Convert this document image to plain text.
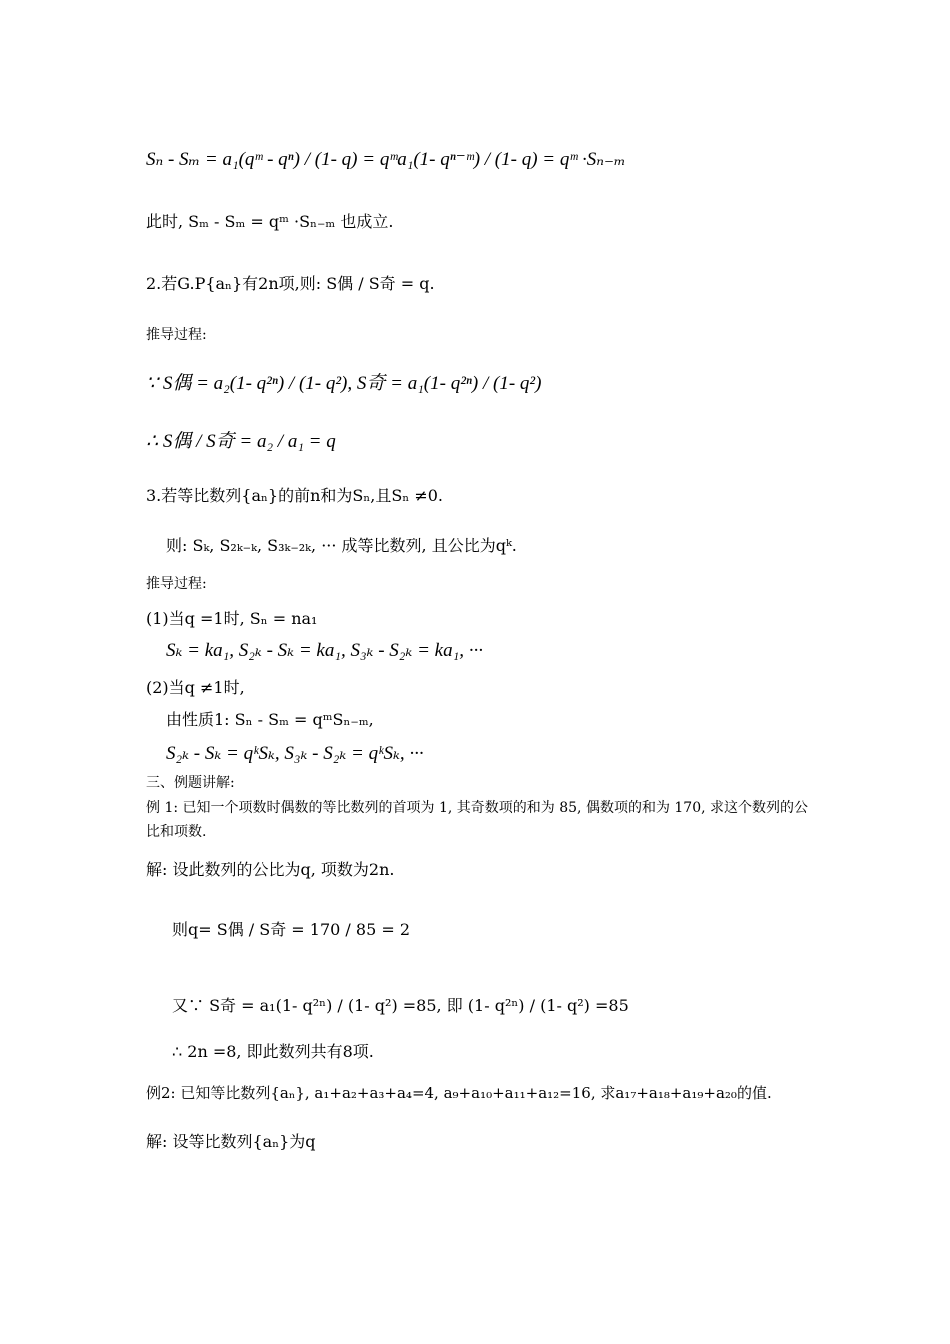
Sₙ - Sₘ = a₁(qᵐ - qⁿ) / (1- q) = qᵐa₁(1- qⁿ⁻ᵐ) / (1- q) = qᵐ ·Sₙ₋ₘ
此时, Sₘ - Sₘ = qᵐ ·Sₙ₋ₘ 也成立.
2.若G.P{aₙ}有2n项,则: S偶 / S奇 = q.
推导过程:
∵ S偶 = a₂(1- q²ⁿ) / (1- q²), S奇 = a₁(1- q²ⁿ) / (1- q²)
∴ S偶 / S奇 = a₂ / a₁ = q
3.若等比数列{aₙ}的前n和为Sₙ,且Sₙ ≠0.
则: Sₖ, S₂ₖ₋ₖ, S₃ₖ₋₂ₖ, ··· 成等比数列, 且公比为qᵏ.
推导过程:
(1)当q =1时, Sₙ = na₁
Sₖ = ka₁, S₂ₖ - Sₖ = ka₁, S₃ₖ - S₂ₖ = ka₁, ···
(2)当q ≠1时,
由性质1: Sₙ - Sₘ = qᵐSₙ₋ₘ,
S₂ₖ - Sₖ = qᵏSₖ, S₃ₖ - S₂ₖ = qᵏSₖ, ···
三、例题讲解:
例 1: 已知一个项数时偶数的等比数列的首项为 1, 其奇数项的和为 85, 偶数项的和为 170, 求这个数列的公比和项数.
解: 设此数列的公比为q, 项数为2n.
则q= S偶 / S奇 = 170 / 85 = 2
又∵ S奇 = a₁(1- q²ⁿ) / (1- q²) =85, 即 (1- q²ⁿ) / (1- q²) =85
∴ 2n =8, 即此数列共有8项.
例2: 已知等比数列{aₙ}, a₁+a₂+a₃+a₄=4, a₉+a₁₀+a₁₁+a₁₂=16, 求a₁₇+a₁₈+a₁₉+a₂₀的值.
解: 设等比数列{aₙ}为q
